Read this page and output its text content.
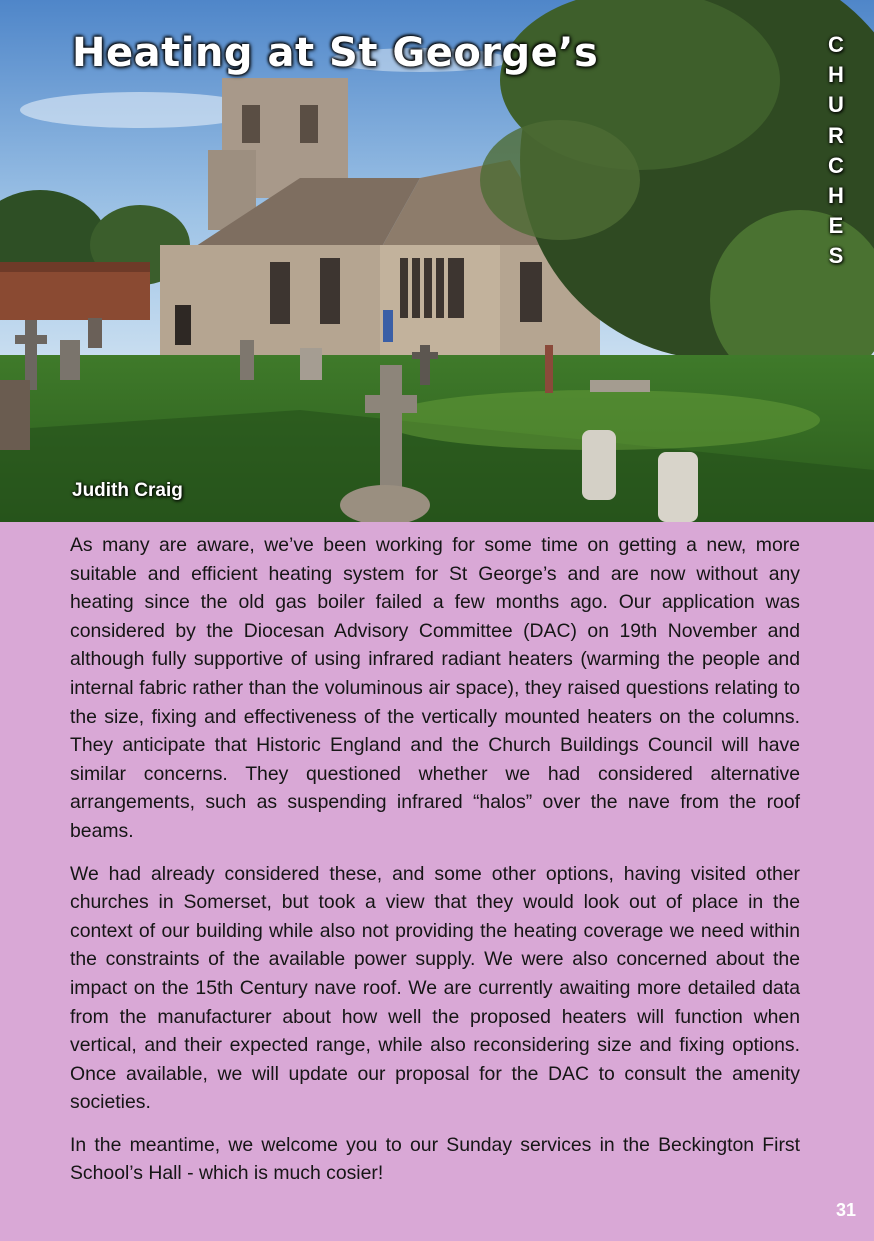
Heating at St George’s
Judith Craig
C
H
U
R
C
H
E
S

As many are aware, we’ve been working for some time on getting a new, more suitable and efficient heating system for St George’s and are now without any heating since the old gas boiler failed a few months ago. Our application was considered by the Diocesan Advisory Committee (DAC) on 19th November and although fully supportive of using infrared radiant heaters (warming the people and internal fabric rather than the voluminous air space), they raised questions relating to the size, fixing and effectiveness of the vertically mounted heaters on the columns. They anticipate that Historic England and the Church Buildings Council will have similar concerns. They questioned whether we had considered alternative arrangements, such as suspending infrared “halos” over the nave from the roof beams.

We had already considered these, and some other options, having visited other churches in Somerset, but took a view that they would look out of place in the context of our building while also not providing the heating coverage we need within the constraints of the available power supply. We were also concerned about the impact on the 15th Century nave roof. We are currently awaiting more detailed data from the manufacturer about how well the proposed heaters will function when vertical, and their expected range, while also reconsidering size and fixing options. Once available, we will update our proposal for the DAC to consult the amenity societies.

In the meantime, we welcome you to our Sunday services in the Beckington First School’s Hall - which is much cosier!

31
